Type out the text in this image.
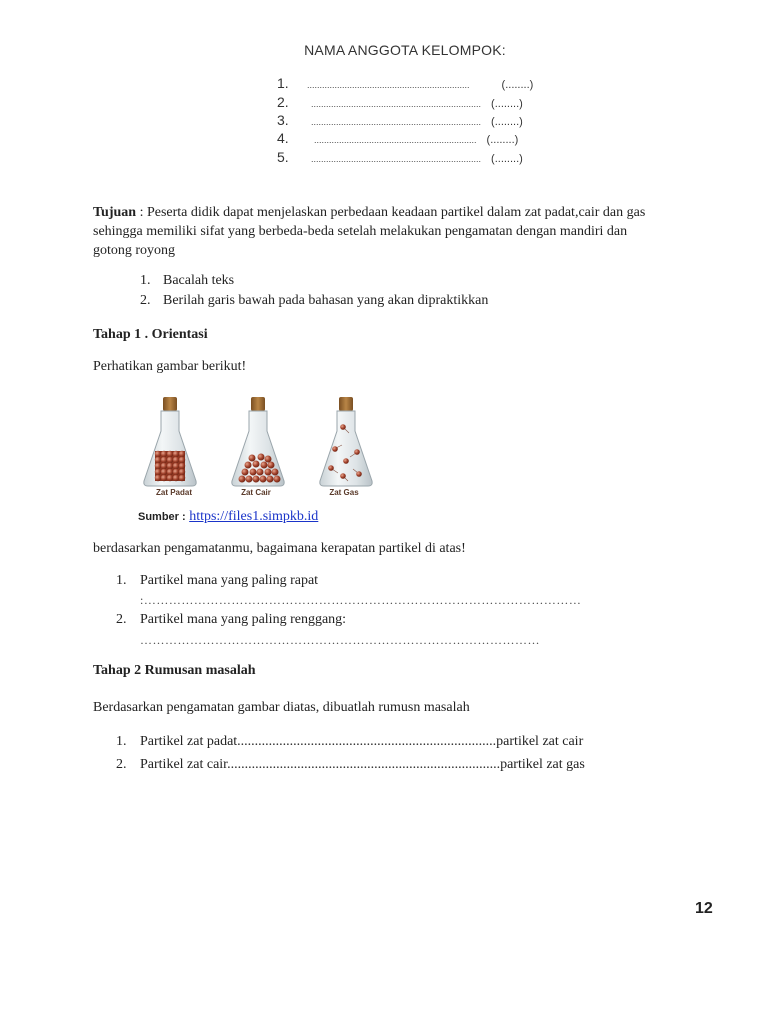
NAMA ANGGOTA KELOMPOK:
1. .................................................................	(........)
2. .................................................................... (........)
3. .................................................................... (........)
4.	................................................................. (........)
5. .................................................................... (........)
Tujuan : Peserta didik dapat menjelaskan perbedaan keadaan partikel dalam zat padat,cair dan gas sehingga memiliki sifat yang berbeda-beda setelah melakukan pengamatan dengan mandiri dan gotong royong
1. Bacalah teks
2. Berilah garis bawah pada bahasan yang akan dipraktikkan
Tahap 1 . Orientasi
Perhatikan gambar berikut!
Zat Padat	Zat Cair	Zat Gas
Sumber : https://files1.simpkb.id
berdasarkan pengamatanmu, bagaimana kerapatan partikel di atas!
1. Partikel mana yang paling rapat
:……………………………………………………………………………………………
2. Partikel mana yang paling renggang:
……………………………………………………………………………………
Tahap 2 Rumusan masalah
Berdasarkan pengamatan gambar diatas, dibuatlah rumusn masalah
1. Partikel zat padat..........................................................................partikel zat cair
2. Partikel zat cair..............................................................................partikel zat gas
12
